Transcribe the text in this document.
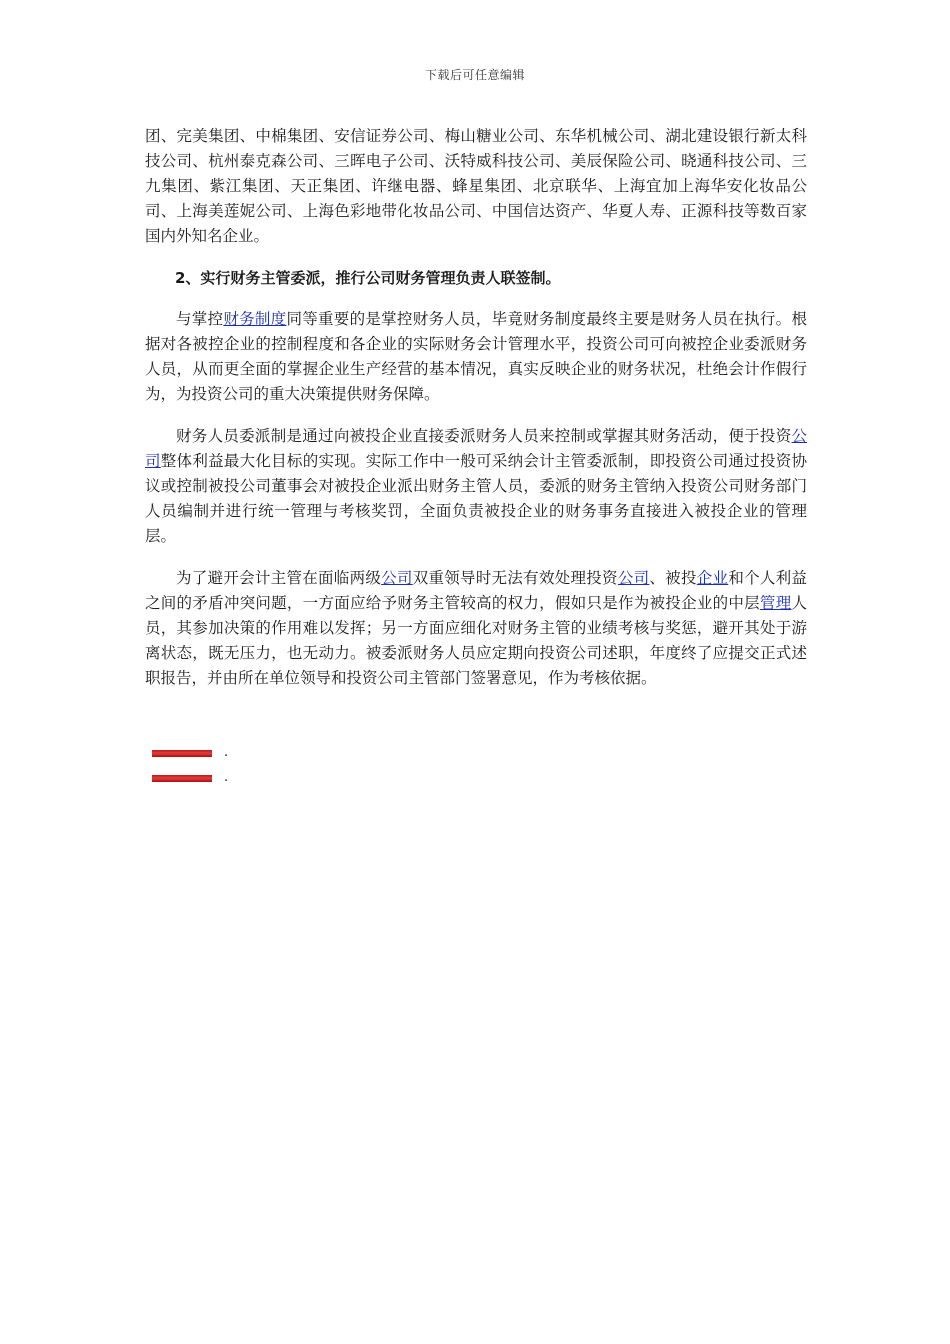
下载后可任意编辑

团、完美集团、中棉集团、安信证券公司、梅山糖业公司、东华机械公司、湖北建设银行新太科技公司、杭州泰克森公司、三晖电子公司、沃特威科技公司、美辰保险公司、晓通科技公司、三九集团、紫江集团、天正集团、许继电器、蜂星集团、北京联华、上海宜加上海华安化妆品公司、上海美莲妮公司、上海色彩地带化妆品公司、中国信达资产、华夏人寿、正源科技等数百家国内外知名企业。

2、实行财务主管委派，推行公司财务管理负责人联签制。

与掌控财务制度同等重要的是掌控财务人员，毕竟财务制度最终主要是财务人员在执行。根据对各被控企业的控制程度和各企业的实际财务会计管理水平，投资公司可向被控企业委派财务人员，从而更全面的掌握企业生产经营的基本情况，真实反映企业的财务状况，杜绝会计作假行为，为投资公司的重大决策提供财务保障。

财务人员委派制是通过向被投企业直接委派财务人员来控制或掌握其财务活动，便于投资公司整体利益最大化目标的实现。实际工作中一般可采纳会计主管委派制，即投资公司通过投资协议或控制被投公司董事会对被投企业派出财务主管人员，委派的财务主管纳入投资公司财务部门人员编制并进行统一管理与考核奖罚，全面负责被投企业的财务事务直接进入被投企业的管理层。

为了避开会计主管在面临两级公司双重领导时无法有效处理投资公司、被投企业和个人利益之间的矛盾冲突问题，一方面应给予财务主管较高的权力，假如只是作为被投企业的中层管理人员，其参加决策的作用难以发挥；另一方面应细化对财务主管的业绩考核与奖惩，避开其处于游离状态，既无压力，也无动力。被委派财务人员应定期向投资公司述职，年度终了应提交正式述职报告，并由所在单位领导和投资公司主管部门签署意见，作为考核依据。

.
.
